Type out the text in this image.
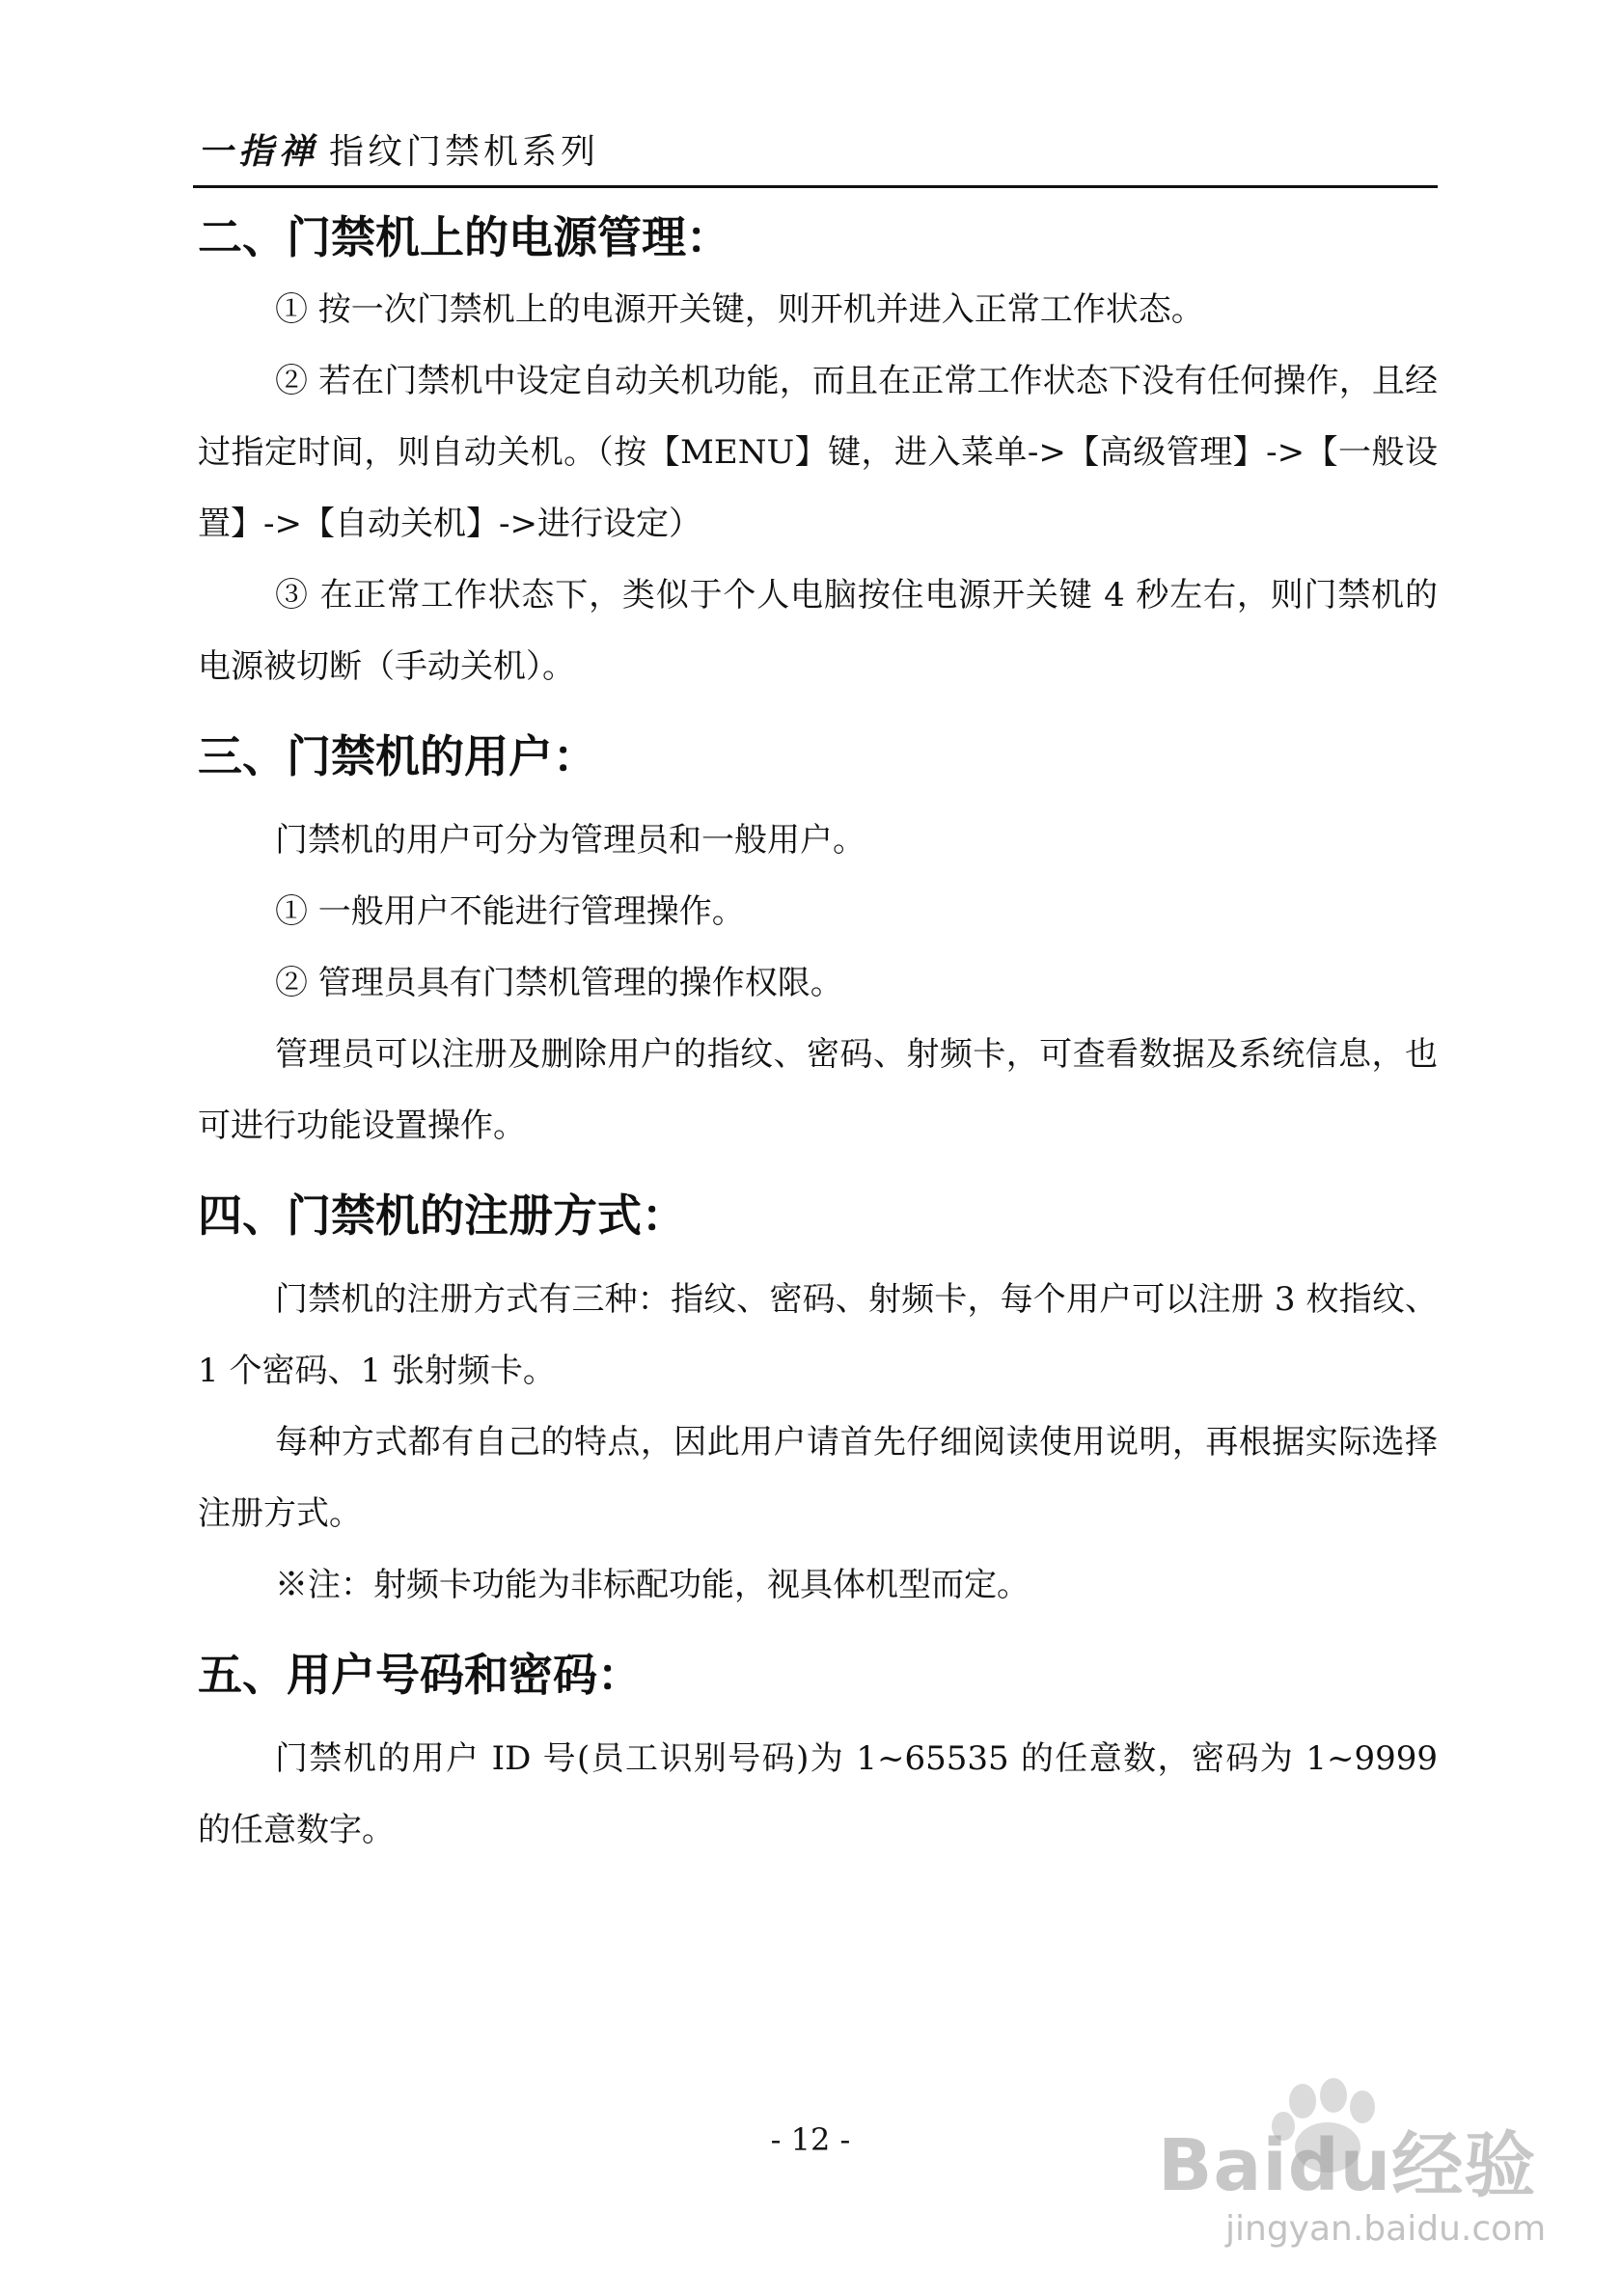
一指禅 指纹门禁机系列
二、门禁机上的电源管理：

① 按一次门禁机上的电源开关键，则开机并进入正常工作状态。

② 若在门禁机中设定自动关机功能，而且在正常工作状态下没有任何操作，且经过指定时间，则自动关机。（按【MENU】键，进入菜单->【高级管理】->【一般设置】->【自动关机】->进行设定）

③ 在正常工作状态下，类似于个人电脑按住电源开关键 4 秒左右，则门禁机的电源被切断（手动关机）。

三、门禁机的用户：

门禁机的用户可分为管理员和一般用户。

① 一般用户不能进行管理操作。

② 管理员具有门禁机管理的操作权限。

管理员可以注册及删除用户的指纹、密码、射频卡，可查看数据及系统信息，也可进行功能设置操作。

四、门禁机的注册方式：

门禁机的注册方式有三种：指纹、密码、射频卡，每个用户可以注册 3 枚指纹、1 个密码、1 张射频卡。

每种方式都有自己的特点，因此用户请首先仔细阅读使用说明，再根据实际选择注册方式。

※注：射频卡功能为非标配功能，视具体机型而定。

五、用户号码和密码：

门禁机的用户 ID 号(员工识别号码)为 1~65535 的任意数，密码为 1~9999 的任意数字。

- 12 -	Baidu经验
jingyan.baidu.com
